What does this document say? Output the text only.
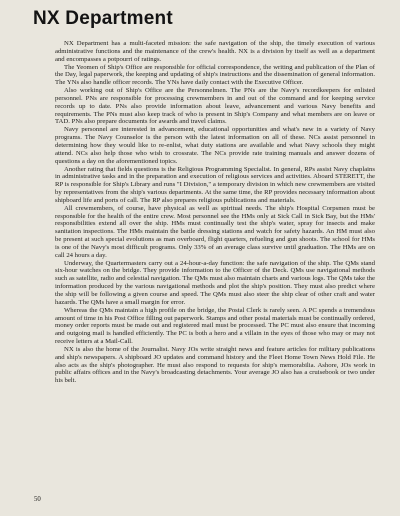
NX Department

NX Department has a multi-faceted mission: the safe navigation of the ship, the timely execution of various administrative functions and the maintenance of the crew's health. NX is a division by itself as well as a department and encompasses a potpourri of ratings.

The Yeomen of Ship's Office are responsible for official correspondence, the writing and publication of the Plan of the Day, legal paperwork, the keeping and updating of ship's instructions and the dissemination of general information. The YNs also handle officer records. The YNs have daily contact with the Executive Officer.

Also working out of Ship's Office are the Personnelmen. The PNs are the Navy's recordkeepers for enlisted personnel. PNs are responsible for processing crewmembers in and out of the command and for keeping service records up to date. PNs also provide information about leave, advancement and various Navy benefits and requirements. The PNs must also keep track of who is present in Ship's Company and what members are on leave or TAD. PNs also prepare documents for awards and travel claims.

Navy personnel are interested in advancement, educational opportunities and what's new in a variety of Navy programs. The Navy Counselor is the person with the latest information on all of these. NCs assist personnel in determining how they would like to re-enlist, what duty stations are available and what Navy schools they might attend. NCs also help those who wish to crossrate. The NCs provide rate training manuals and answer dozens of questions a day on the aforementioned topics.

Another rating that fields questions is the Religious Programming Specialist. In general, RPs assist Navy chaplains in administrative tasks and in the preparation and execution of religious services and activities. Aboard STERETT, the RP is responsible for Ship's Library and runs "I Division," a temporary division in which new crewmembers are visited by representatives from the ship's various departments. At the same time, the RP provides necessary information about shipboard life and ports of call. The RP also prepares religious publications and materials.

All crewmembers, of course, have physical as well as spiritual needs. The ship's Hospital Corpsmen must be responsible for the health of the entire crew. Most personnel see the HMs only at Sick Call in Sick Bay, but the HMs' responsibilities extend all over the ship. HMs must continually test the ship's water, spray for insects and make sanitation inspections. The HMs maintain the battle dressing stations and watch for safety hazards. An HM must also be present at such special evolutions as man overboard, flight quarters, refueling and gun shoots. The school for HMs is one of the Navy's most difficult programs. Only 33% of an average class survive until graduation. The HMs are on call 24 hours a day.

Underway, the Quartermasters carry out a 24-hour-a-day function: the safe navigation of the ship. The QMs stand six-hour watches on the bridge. They provide information to the Officer of the Deck. QMs use navigational methods such as satellite, radio and celestial navigation. The QMs must also maintain charts and various logs. The QMs take the information produced by the various navigational methods and plot the ship's position. They must also predict where the ship will be following a given course and speed. The QMs must also steer the ship clear of other craft and water hazards. The QMs have a small margin for error.

Whereas the QMs maintain a high profile on the bridge, the Postal Clerk is rarely seen. A PC spends a tremendous amount of time in his Post Office filling out paperwork. Stamps and other postal materials must be continually ordered, money order reports must be made out and registered mail must be processed. The PC must also ensure that incoming and outgoing mail is handled efficiently. The PC is both a hero and a villain in the eyes of those who may or may not receive letters at a Mail-Call.

NX is also the home of the Journalist. Navy JOs write straight news and feature articles for military publications and ship's newspapers. A shipboard JO updates and command history and the Fleet Home Town News Hold File. He also acts as the ship's photographer. He must also respond to requests for ship's memorabilia. Ashore, JOs work in public affairs offices and in the Navy's broadcasting detachments. Your average JO also has a cruisebook or two under his belt.

50
